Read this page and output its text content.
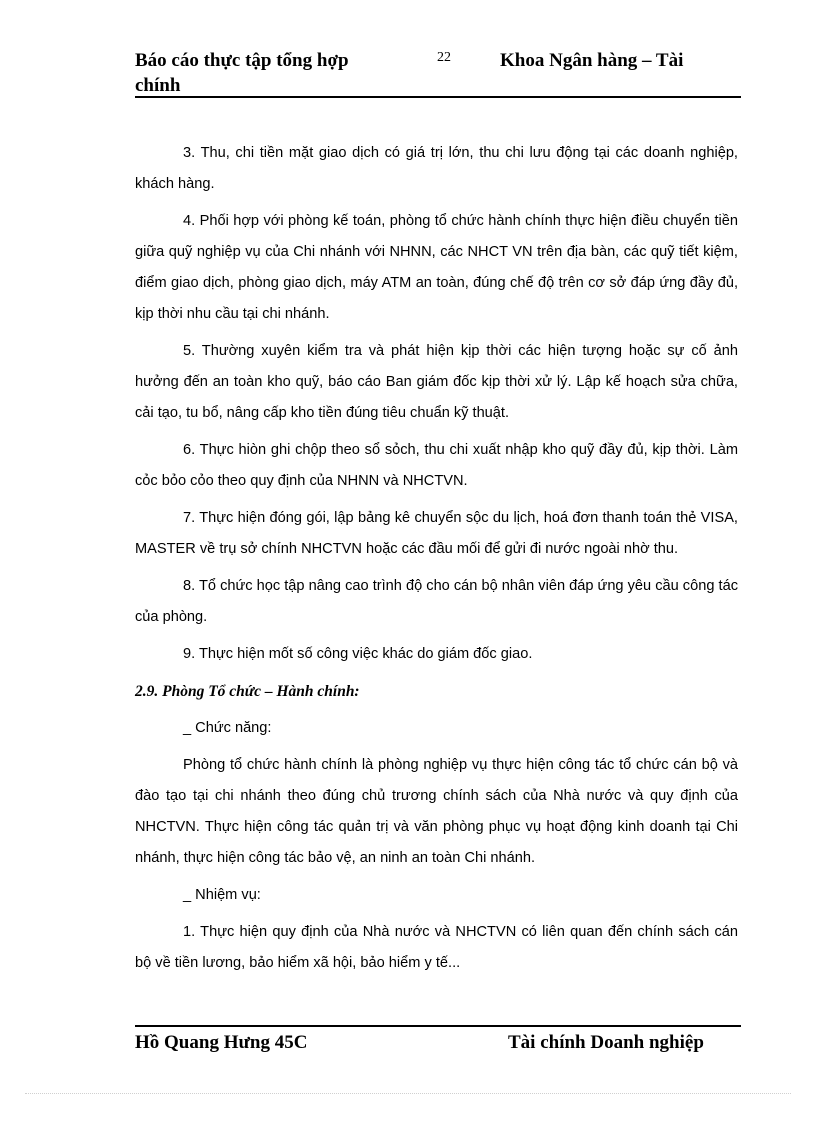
Báo cáo thực tập tổng hợp chính
22	Khoa Ngân hàng – Tài

3. Thu, chi tiền mặt giao dịch có giá trị lớn, thu chi lưu động tại các doanh nghiệp, khách hàng.

4. Phối hợp với phòng kế toán, phòng tổ chức hành chính thực hiện điều chuyển tiền giữa quỹ nghiệp vụ của Chi nhánh với NHNN, các NHCT VN trên địa bàn, các quỹ tiết kiệm, điểm giao dịch, phòng giao dịch, máy ATM an toàn, đúng chế độ trên cơ sở đáp ứng đầy đủ, kịp thời nhu cầu tại chi nhánh.

5. Thường xuyên kiểm tra và phát hiện kịp thời các hiện tượng hoặc sự cố ảnh hưởng đến an toàn kho quỹ, báo cáo Ban giám đốc kịp thời xử lý. Lập kế hoạch sửa chữa, cải tạo, tu bổ, nâng cấp kho tiền đúng tiêu chuẩn kỹ thuật.

6. Thực hiòn ghi chộp theo sổ sỏch, thu chi xuất nhập kho quỹ đầy đủ, kịp thời. Làm cỏc bỏo cỏo theo quy định của NHNN và NHCTVN.

7. Thực hiện đóng gói, lập bảng kê chuyển sộc du lịch, hoá đơn thanh toán thẻ VISA, MASTER về trụ sở chính NHCTVN hoặc các đầu mối để gửi đi nước ngoài nhờ thu.

8. Tổ chức học tập nâng cao trình độ cho cán bộ nhân viên đáp ứng yêu cầu công tác của phòng.

9. Thực hiện mốt số công việc khác do giám đốc giao.

2.9. Phòng Tổ chức – Hành chính:

_ Chức năng:

Phòng tổ chức hành chính là phòng nghiệp vụ thực hiện công tác tổ chức cán bộ và đào tạo tại chi nhánh theo đúng chủ trương chính sách của Nhà nước và quy định của NHCTVN. Thực hiện công tác quản trị và văn phòng phục vụ hoạt động kinh doanh tại Chi nhánh, thực hiện công tác bảo vệ, an ninh an toàn Chi nhánh.

_ Nhiệm vụ:

1. Thực hiện quy định của Nhà nước và NHCTVN có liên quan đến chính sách cán bộ về tiền lương, bảo hiểm xã hội, bảo hiểm y tế...

Hồ Quang Hưng 45C	Tài chính Doanh nghiệp
